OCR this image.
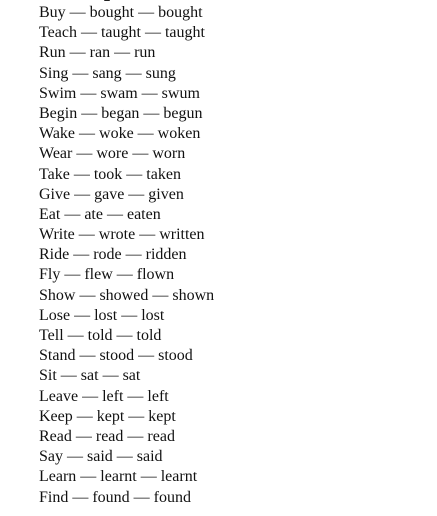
Buy — bought — bought
Teach — taught — taught
Run — ran — run
Sing — sang — sung
Swim — swam — swum
Begin — began — begun
Wake — woke — woken
Wear — wore — worn
Take — took — taken
Give — gave — given
Eat — ate — eaten
Write — wrote — written
Ride — rode — ridden
Fly — flew — flown
Show — showed — shown
Lose — lost — lost
Tell — told — told
Stand — stood — stood
Sit — sat — sat
Leave — left — left
Keep — kept — kept
Read — read — read
Say — said — said
Learn — learnt — learnt
Find — found — found
